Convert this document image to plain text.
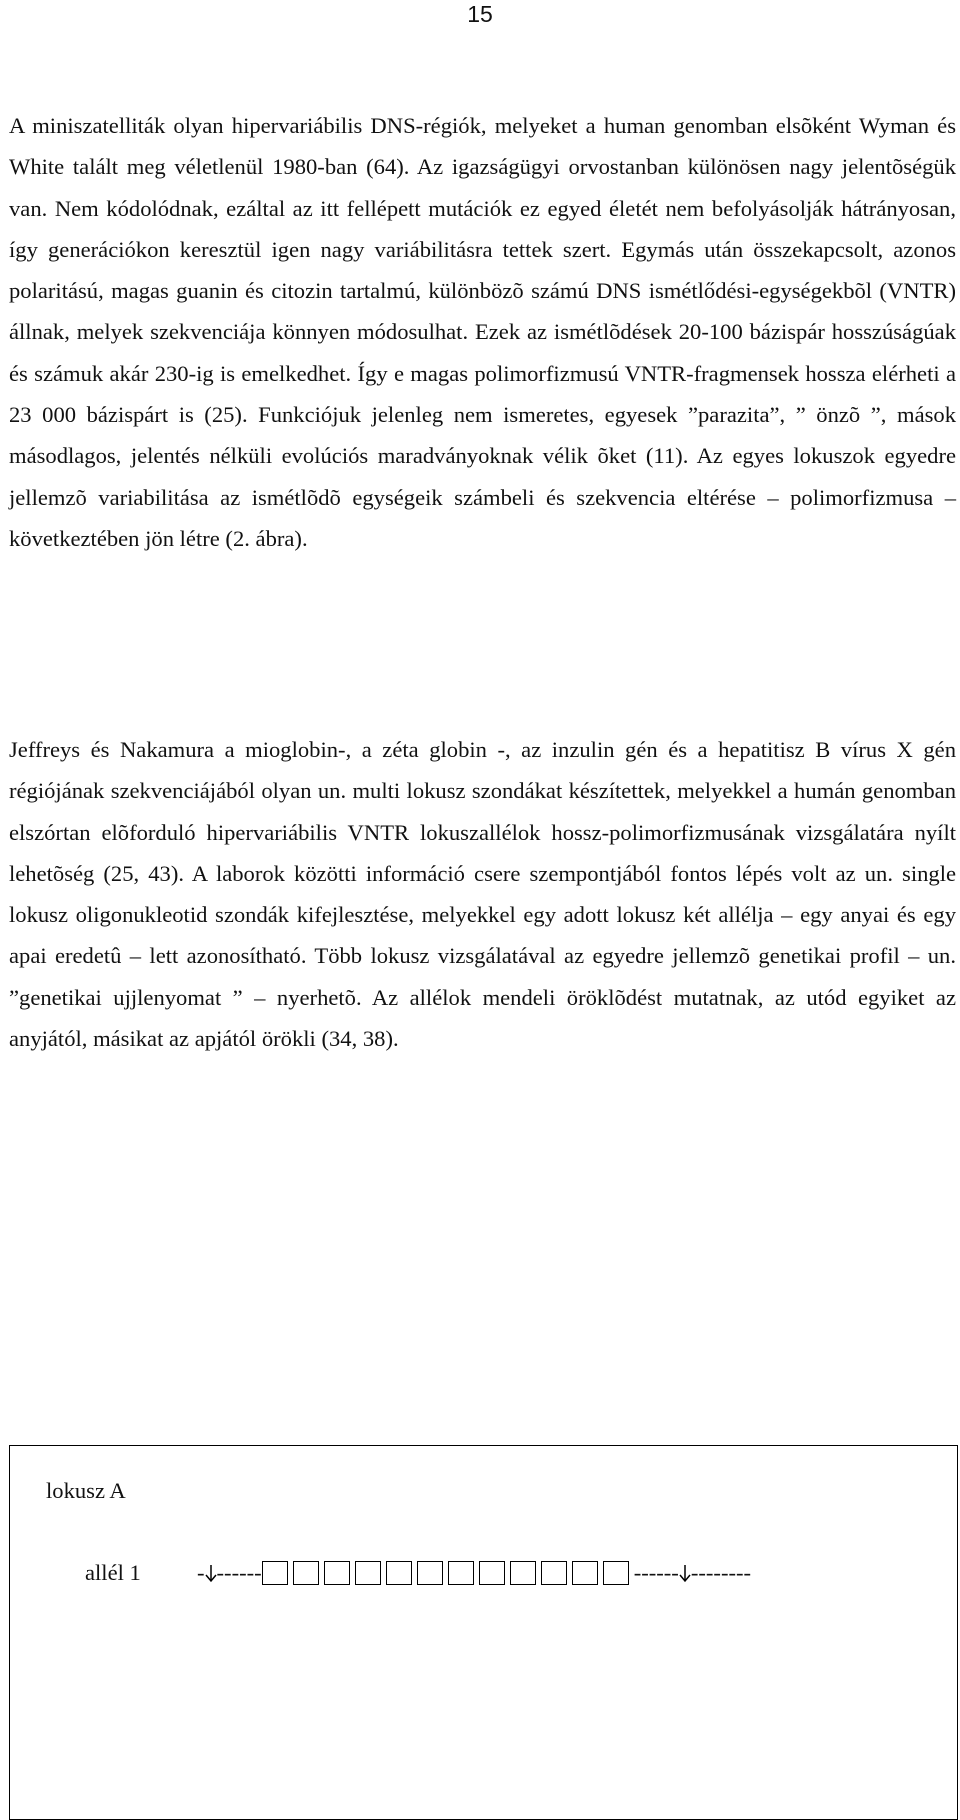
15

A miniszatelliták olyan hipervariábilis DNS-régiók, melyeket a human genomban elsõként Wyman és White talált meg véletlenül 1980-ban (64). Az igazságügyi orvostanban különösen nagy jelentõségük van. Nem kódolódnak, ezáltal az itt fellépett mutációk ez egyed életét nem befolyásolják hátrányosan, így generációkon keresztül igen nagy variábilitásra tettek szert. Egymás után összekapcsolt, azonos polaritású, magas guanin és citozin tartalmú, különbözõ számú DNS ismétlődési-egységekbõl (VNTR) állnak, melyek szekvenciája könnyen módosulhat. Ezek az ismétlõdések 20-100 bázispár hosszúságúak és számuk akár 230-ig is emelkedhet. Így e magas polimorfizmusú VNTR-fragmensek hossza elérheti a 23 000 bázispárt is (25). Funkciójuk jelenleg nem ismeretes, egyesek ”parazita”, ” önzõ ”, mások másodlagos, jelentés nélküli evolúciós maradványoknak vélik õket (11). Az egyes lokuszok egyedre jellemzõ variabilitása az ismétlõdõ egységeik számbeli és szekvencia eltérése – polimorfizmusa – következtében jön létre (2. ábra).

Jeffreys és Nakamura a mioglobin-, a zéta globin -, az inzulin gén és a hepatitisz B vírus X gén régiójának szekvenciájából olyan un. multi lokusz szondákat készítettek, melyekkel a humán genomban elszórtan elõforduló hipervariábilis VNTR lokuszallélok hossz-polimorfizmusának vizsgálatára nyílt lehetõség (25, 43). A laborok közötti információ csere szempontjából fontos lépés volt az un. single lokusz oligonukleotid szondák kifejlesztése, melyekkel egy adott lokusz két allélja – egy anyai és egy apai eredetû – lett azonosítható. Több lokusz vizsgálatával az egyedre jellemzõ genetikai profil – un. ”genetikai ujjlenyomat ” – nyerhetõ. Az allélok mendeli öröklõdést mutatnak, az utód egyiket az anyjától, másikat az apjától örökli (34, 38).

lokusz A
allél 1 - ------	------ --------
